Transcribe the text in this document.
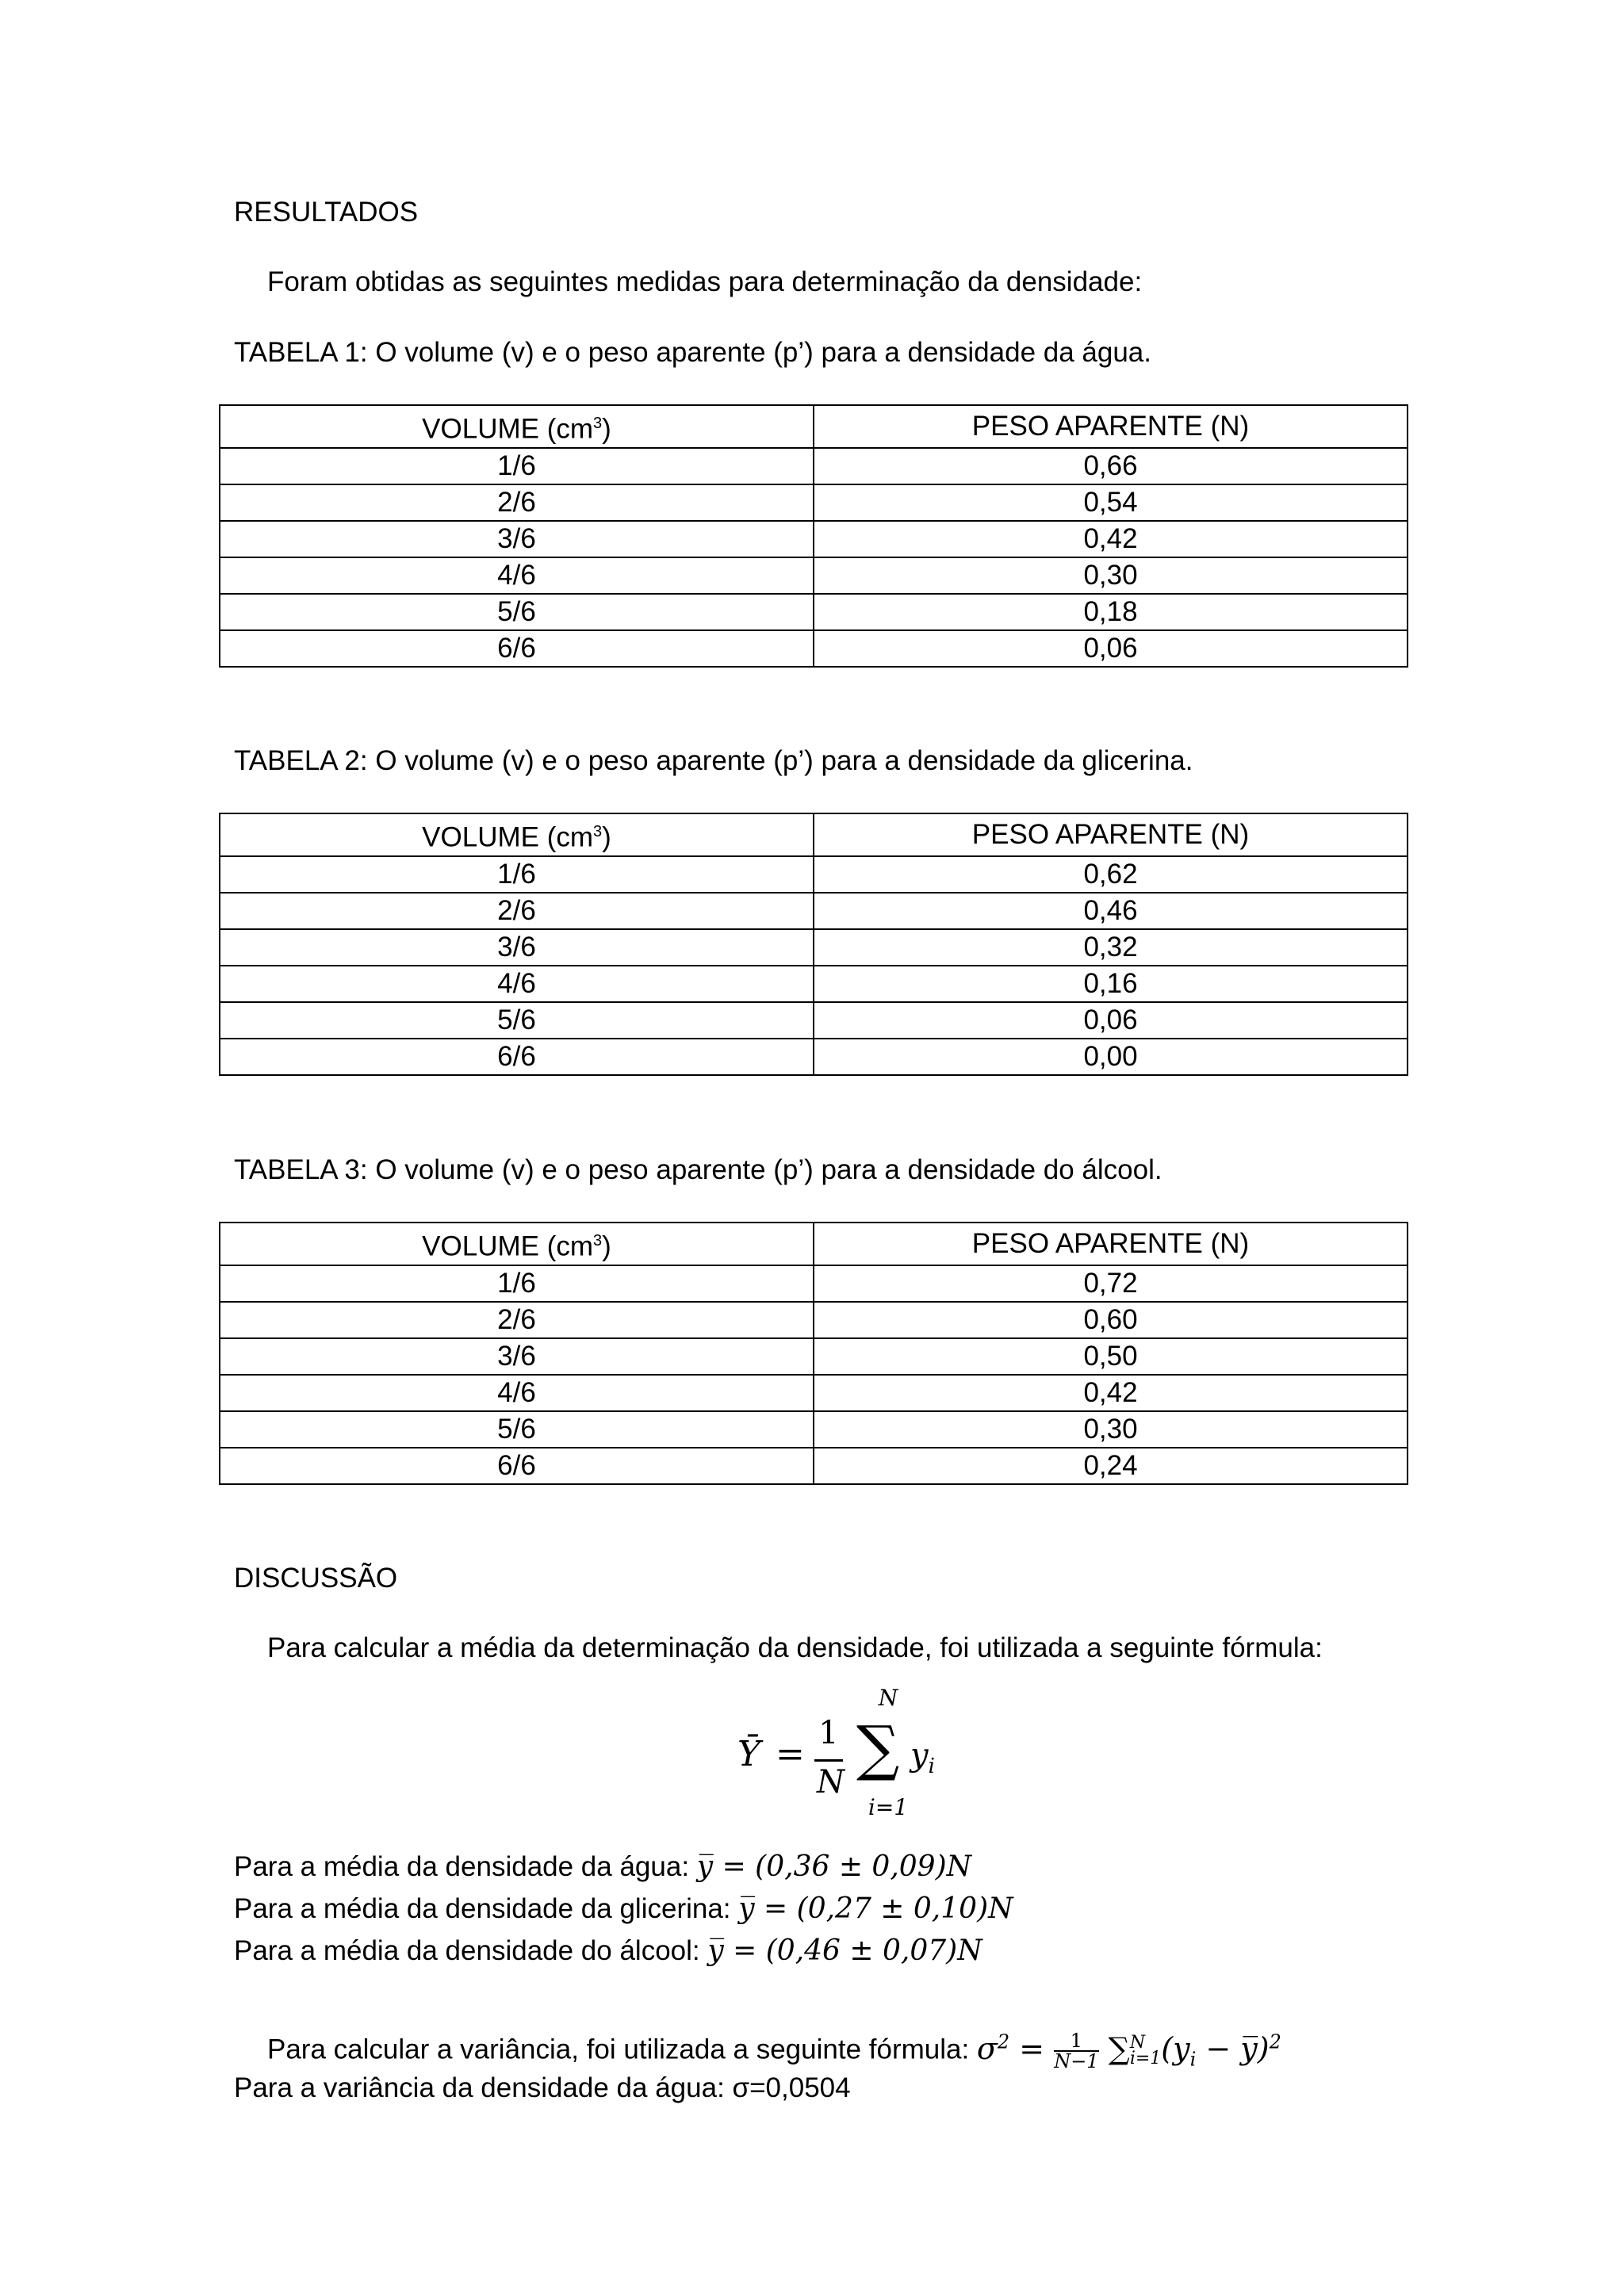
RESULTADOS
Foram obtidas as seguintes medidas para determinação da densidade:
TABELA 1: O volume (v) e o peso aparente (p’) para a densidade da água.
VOLUME $(cm^3)$	PESO APARENTE (N)
1/6	0,66
2/6	0,54
3/6	0,42
4/6	0,30
5/6	0,18
6/6	0,06
TABELA 2: O volume (v) e o peso aparente (p’) para a densidade da glicerina.
VOLUME $(cm^3)$	PESO APARENTE (N)
1/6	0,62
2/6	0,46
3/6	0,32
4/6	0,16
5/6	0,06
6/6	0,00
TABELA 3: O volume (v) e o peso aparente (p’) para a densidade do álcool.
VOLUME $(cm^3)$	PESO APARENTE (N)
1/6	0,72
2/6	0,60
3/6	0,50
4/6	0,42
5/6	0,30
6/6	0,24
DISCUSSÃO
Para calcular a média da determinação da densidade, foi utilizada a seguinte fórmula:
Ȳ =
1
N
N
∑
i=1
$y_i$
Para a média da densidade da água: y̅ = (0,36 ± 0,09)N
Para a média da densidade da glicerina: y̅ = (0,27 ± 0,10)N
Para a média da densidade do álcool: y̅ = (0,46 ± 0,07)N
Para calcular a variância, foi utilizada a seguinte fórmula: $\sigma^2 = \frac{1}{N-1}$ ∑ N
i=1 ($y_i$ − y̅)$^2$
Para a variância da densidade da água: σ=0,0504
